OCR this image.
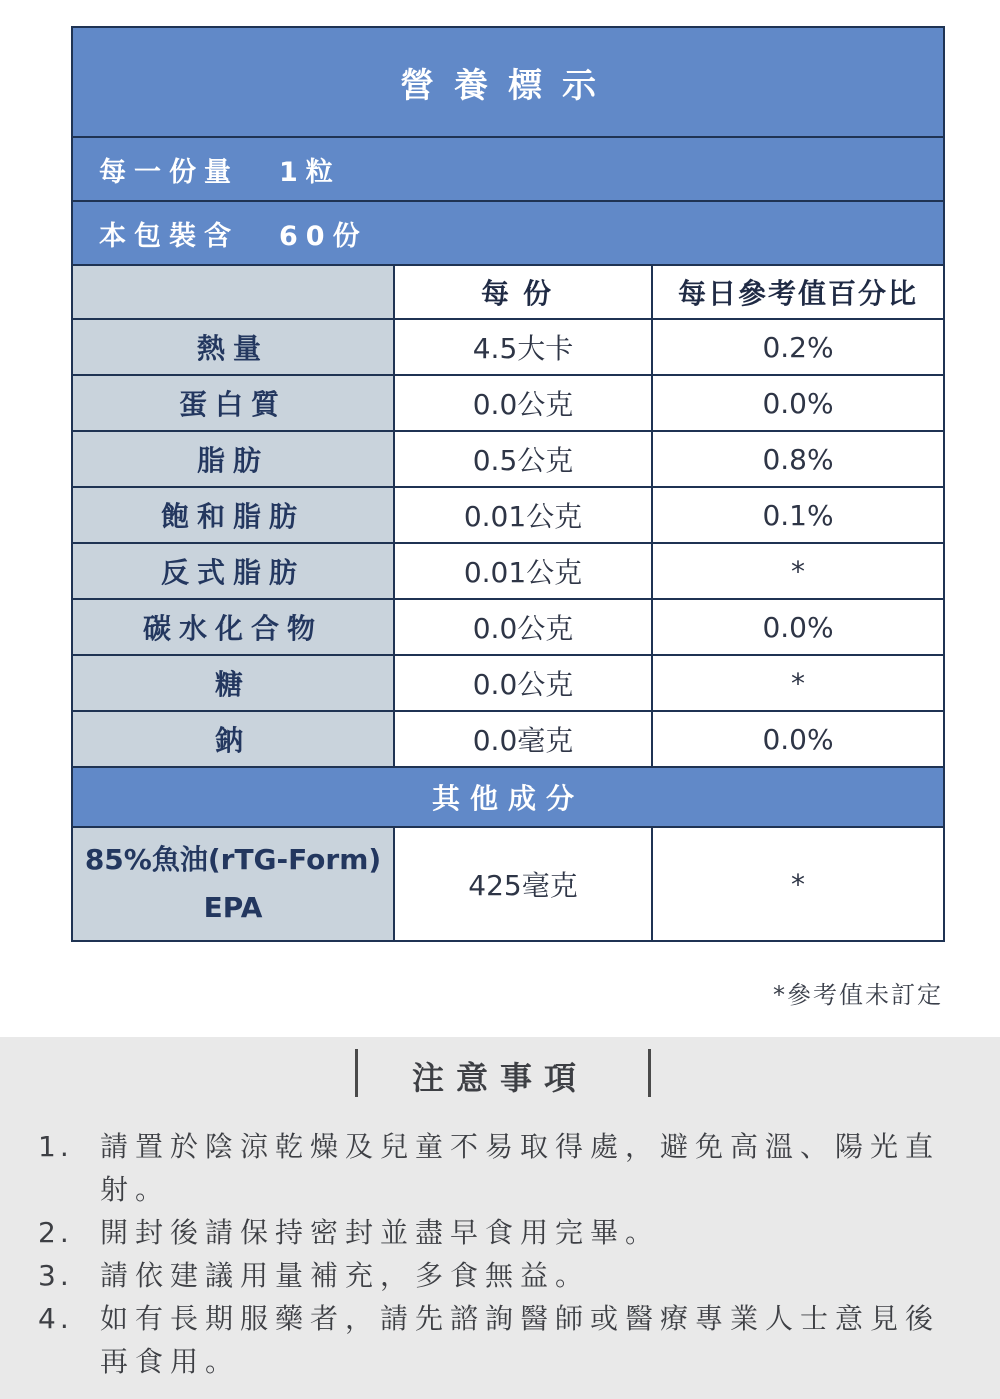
營養標示		
每一份量 1粒		
本包裝含 60份		
	每份	每日參考值百分比
熱量	4.5大卡	0.2%
蛋白質	0.0公克	0.0%
脂肪	0.5公克	0.8%
飽和脂肪	0.01公克	0.1%
反式脂肪	0.01公克	*
碳水化合物	0.0公克	0.0%
糖	0.0公克	*
鈉	0.0毫克	0.0%
其他成分		

85%魚油(rTG-Form)
EPA	425毫克	*
*參考值未訂定
注意事項
1. 請置於陰涼乾燥及兒童不易取得處，避免高溫、陽光直射。
2. 開封後請保持密封並盡早食用完畢。
3. 請依建議用量補充，多食無益。
4. 如有長期服藥者，請先諮詢醫師或醫療專業人士意見後再食用。
